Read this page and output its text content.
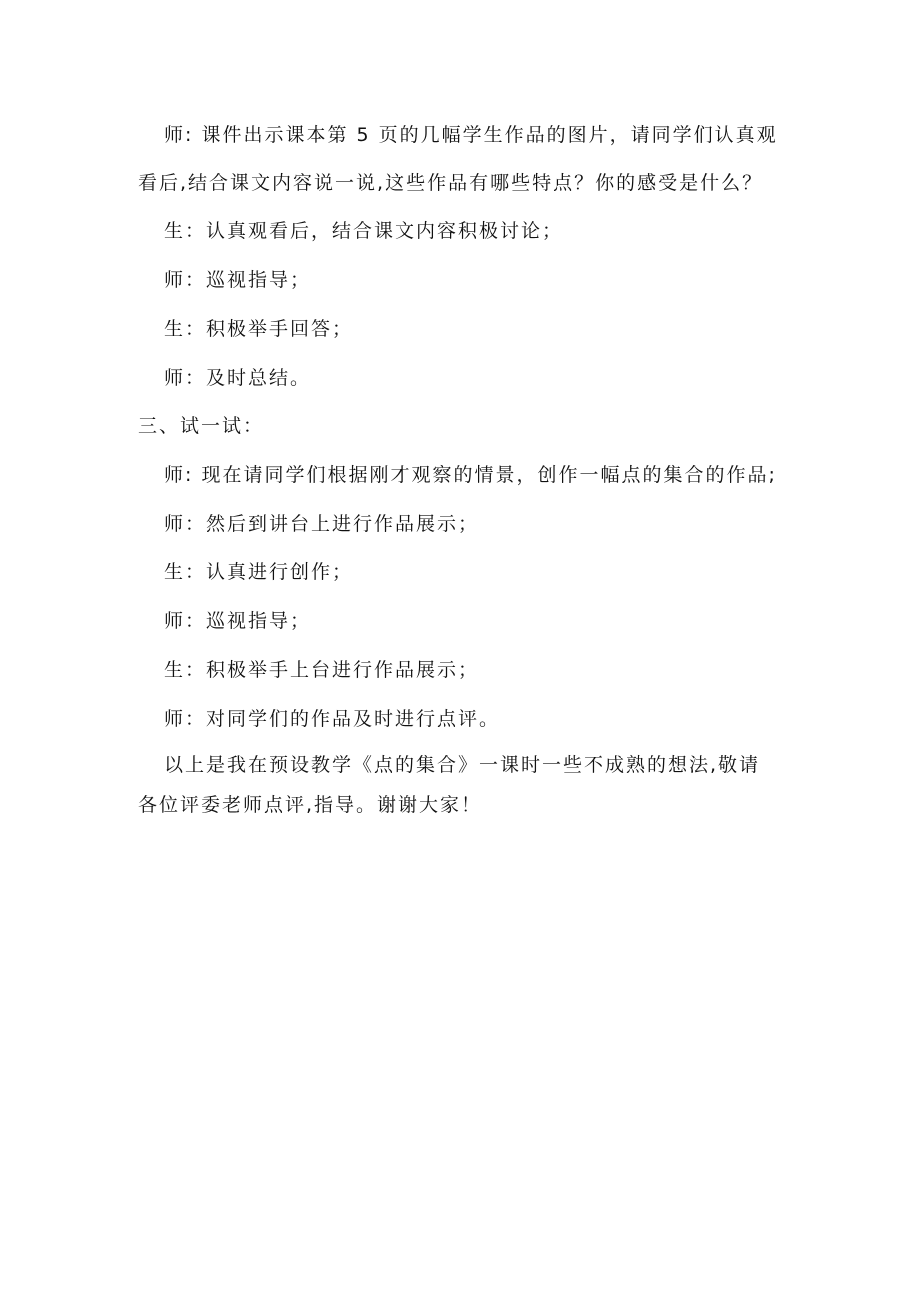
师: 课件出示课本第 5 页的几幅学生作品的图片，请同学们认真观
看后,结合课文内容说一说,这些作品有哪些特点？你的感受是什么？
生：认真观看后，结合课文内容积极讨论；
师：巡视指导；
生：积极举手回答；
师：及时总结。
三、试一试：
师: 现在请同学们根据刚才观察的情景，创作一幅点的集合的作品;
师：然后到讲台上进行作品展示；
生：认真进行创作；
师：巡视指导；
生：积极举手上台进行作品展示；
师：对同学们的作品及时进行点评。
以上是我在预设教学《点的集合》一课时一些不成熟的想法,敬请
各位评委老师点评,指导。谢谢大家！
